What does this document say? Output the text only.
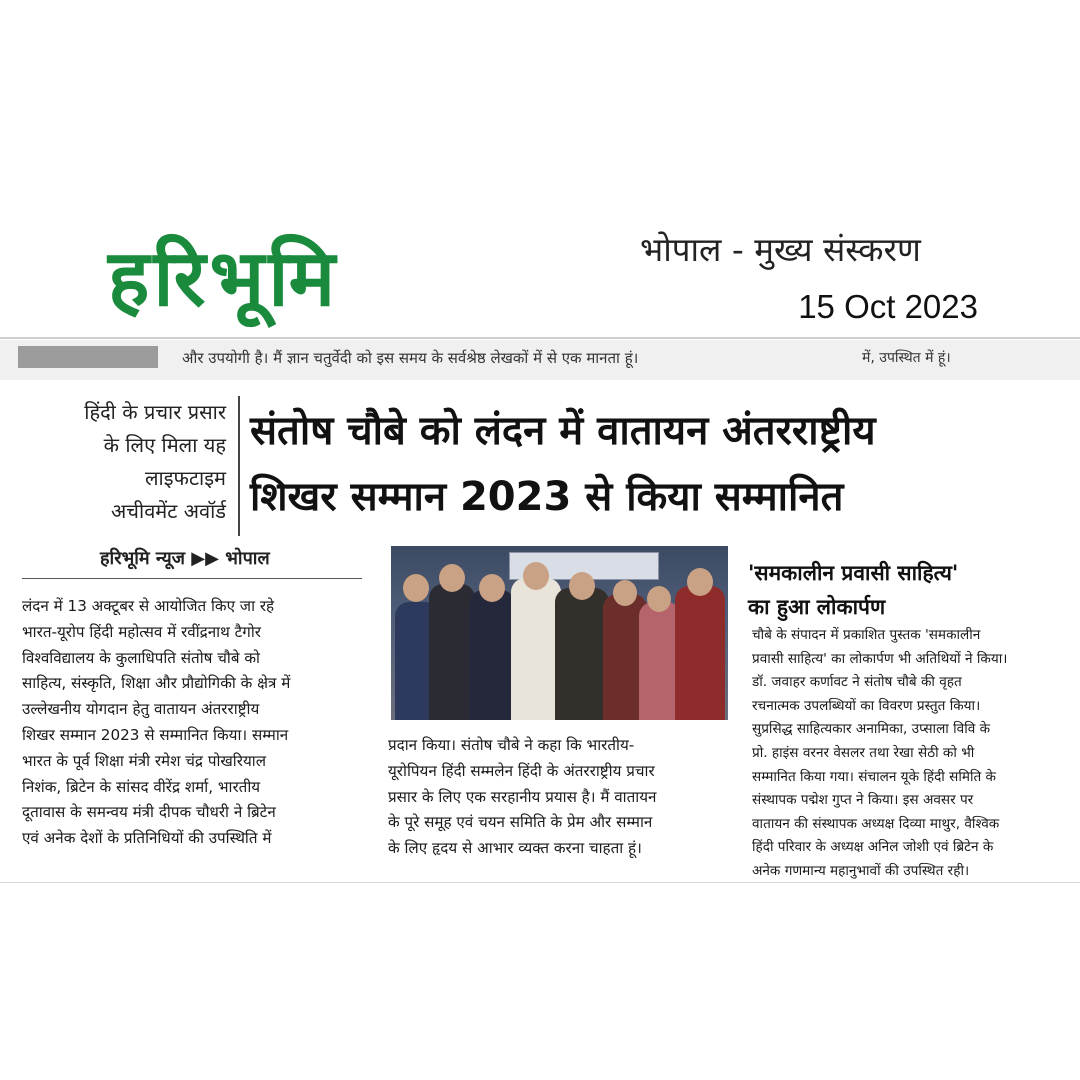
हरिभूमि	भोपाल - मुख्य संस्करण
15 Oct 2023
और उपयोगी है। मैं ज्ञान चतुर्वेदी को इस समय के सर्वश्रेष्ठ लेखकों में से एक मानता हूं।	में, उपस्थित में हूं।
हिंदी के प्रचार प्रसार
के लिए मिला यह
लाइफटाइम
अचीवमेंट अवॉर्ड
संतोष चौबे को लंदन में वातायन अंतरराष्ट्रीय
शिखर सम्मान 2023 से किया सम्मानित
हरिभूमि न्यूज ▶▶ भोपाल
लंदन में 13 अक्टूबर से आयोजित किए जा रहे
भारत-यूरोप हिंदी महोत्सव में रवींद्रनाथ टैगोर
विश्वविद्यालय के कुलाधिपति संतोष चौबे को
साहित्य, संस्कृति, शिक्षा और प्रौद्योगिकी के क्षेत्र में
उल्लेखनीय योगदान हेतु वातायन अंतरराष्ट्रीय
शिखर सम्मान 2023 से सम्मानित किया। सम्मान
भारत के पूर्व शिक्षा मंत्री रमेश चंद्र पोखरियाल
निशंक, ब्रिटेन के सांसद वीरेंद्र शर्मा, भारतीय
दूतावास के समन्वय मंत्री दीपक चौधरी ने ब्रिटेन
एवं अनेक देशों के प्रतिनिधियों की उपस्थिति में
प्रदान किया। संतोष चौबे ने कहा कि भारतीय-
यूरोपियन हिंदी सम्मलेन हिंदी के अंतरराष्ट्रीय प्रचार
प्रसार के लिए एक सरहानीय प्रयास है। मैं वातायन
के पूरे समूह एवं चयन समिति के प्रेम और सम्मान
के लिए हृदय से आभार व्यक्त करना चाहता हूं।
'समकालीन प्रवासी साहित्य'
का हुआ लोकार्पण
चौबे के संपादन में प्रकाशित पुस्तक 'समकालीन
प्रवासी साहित्य' का लोकार्पण भी अतिथियों ने किया।
डॉ. जवाहर कर्णावट ने संतोष चौबे की वृहत
रचनात्मक उपलब्धियों का विवरण प्रस्तुत किया।
सुप्रसिद्ध साहित्यकार अनामिका, उप्साला विवि के
प्रो. हाइंस वरनर वेसलर तथा रेखा सेठी को भी
सम्मानित किया गया। संचालन यूके हिंदी समिति के
संस्थापक पद्मेश गुप्त ने किया। इस अवसर पर
वातायन की संस्थापक अध्यक्ष दिव्या माथुर, वैश्विक
हिंदी परिवार के अध्यक्ष अनिल जोशी एवं ब्रिटेन के
अनेक गणमान्य महानुभावों की उपस्थित रही।
